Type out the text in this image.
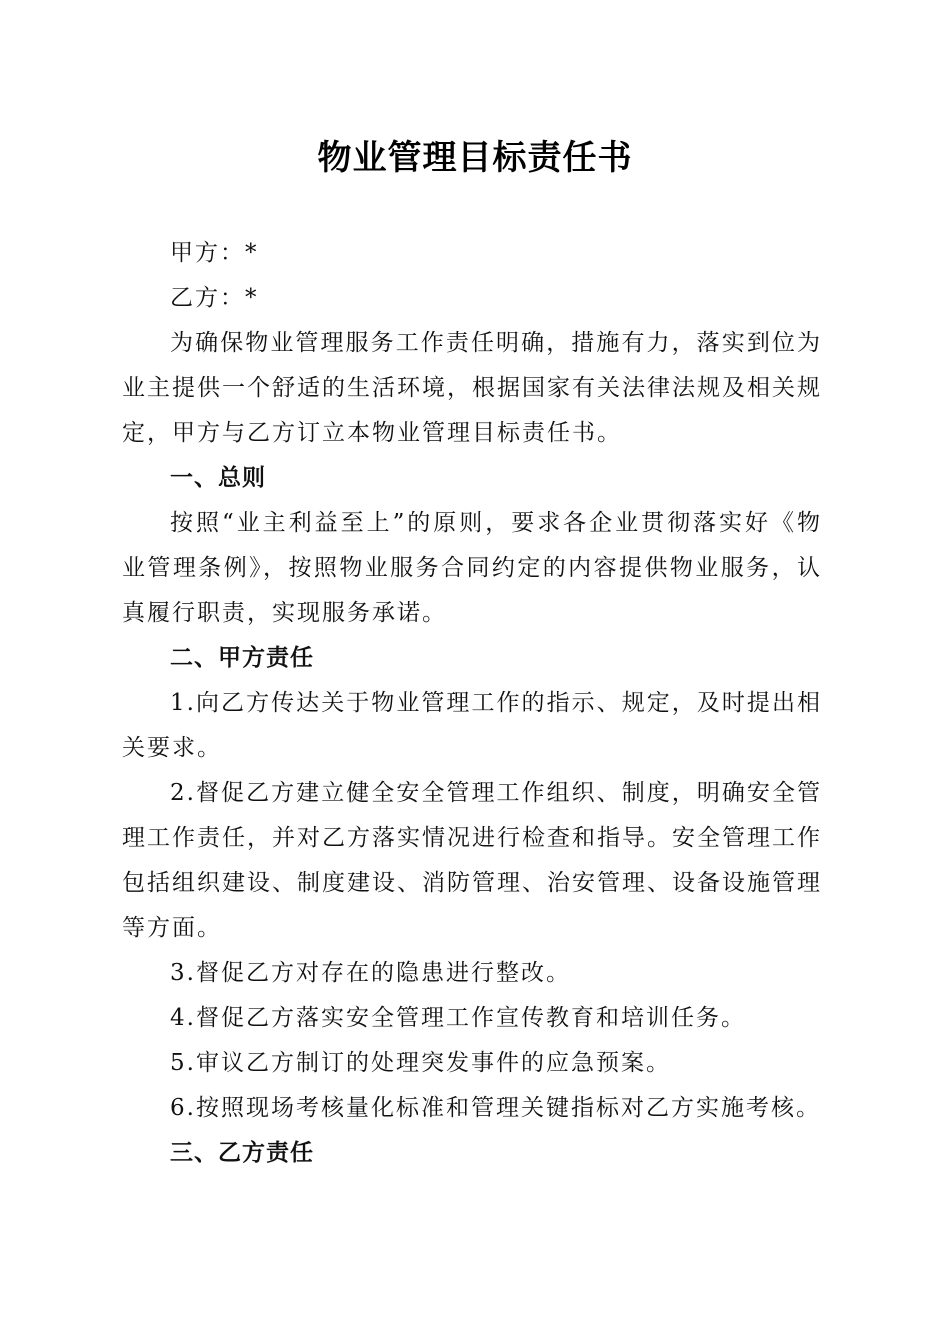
物业管理目标责任书

甲方：*

乙方：*

为确保物业管理服务工作责任明确，措施有力，落实到位为业主提供一个舒适的生活环境，根据国家有关法律法规及相关规定，甲方与乙方订立本物业管理目标责任书。

一、总则

按照“业主利益至上”的原则，要求各企业贯彻落实好《物业管理条例》，按照物业服务合同约定的内容提供物业服务，认真履行职责，实现服务承诺。

二、甲方责任

1.向乙方传达关于物业管理工作的指示、规定，及时提出相关要求。

2.督促乙方建立健全安全管理工作组织、制度，明确安全管理工作责任，并对乙方落实情况进行检查和指导。安全管理工作包括组织建设、制度建设、消防管理、治安管理、设备设施管理等方面。

3.督促乙方对存在的隐患进行整改。

4.督促乙方落实安全管理工作宣传教育和培训任务。

5.审议乙方制订的处理突发事件的应急预案。

6.按照现场考核量化标准和管理关键指标对乙方实施考核。

三、乙方责任
